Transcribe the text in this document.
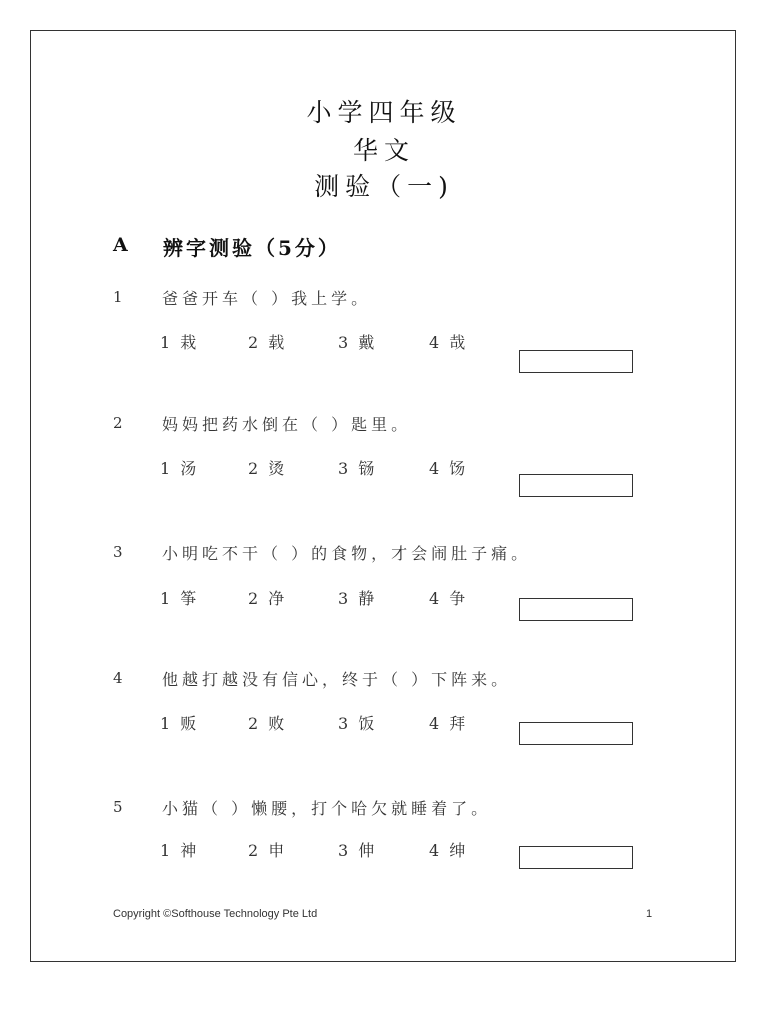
小学四年级
华文
测验（一)
A 辨字测验（5分）
1 爸爸开车（ ）我上学。
1 栽	2 载	3 戴	4 哉
2 妈妈把药水倒在（ ）匙里。
1 汤	2 烫	3 铴	4 饧
3 小明吃不干（ ）的食物，才会闹肚子痛。
1 筝	2 净	3 静	4 争
4 他越打越没有信心，终于（ ）下阵来。
1 贩	2 败	3 饭	4 拜
5 小猫（ ）懒腰，打个哈欠就睡着了。
1 神	2 申	3 伸	4 绅
Copyright ©Softhouse Technology Pte Ltd	1
